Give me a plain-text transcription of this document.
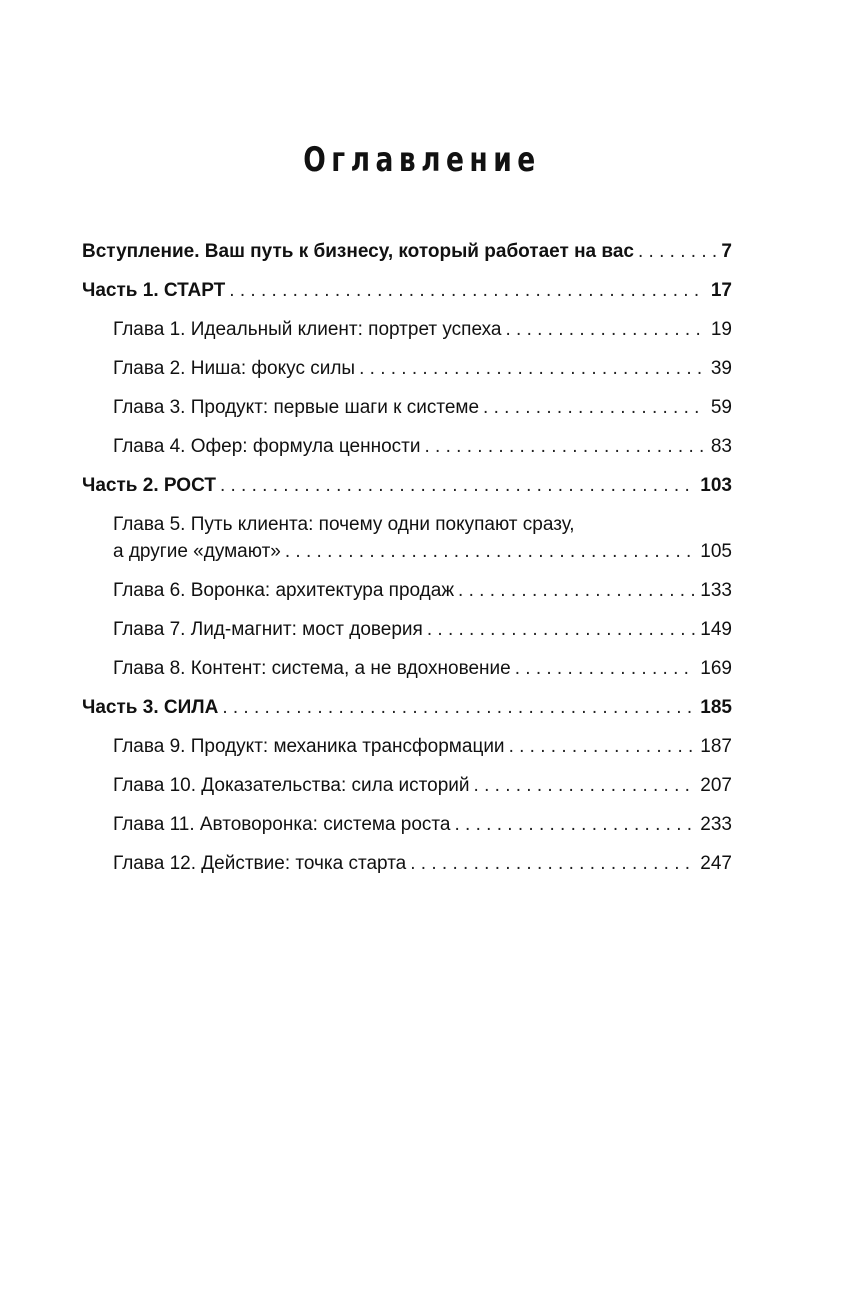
Оглавление
Вступление. Ваш путь к бизнесу, который работает на вас . . .	7
Часть 1. СТАРТ . . .	17
Глава 1. Идеальный клиент: портрет успеха . . .	19
Глава 2. Ниша: фокус силы . . .	39
Глава 3. Продукт: первые шаги к системе . . .	59
Глава 4. Офер: формула ценности . . .	83
Часть 2. РОСТ . . .	103
Глава 5. Путь клиента: почему одни покупают сразу,
а другие «думают» . . .	105
Глава 6. Воронка: архитектура продаж . . .	133
Глава 7. Лид-магнит: мост доверия . . .	149
Глава 8. Контент: система, а не вдохновение . . .	169
Часть 3. СИЛА . . .	185
Глава 9. Продукт: механика трансформации . . .	187
Глава 10. Доказательства: сила историй . . .	207
Глава 11. Автоворонка: система роста . . .	233
Глава 12. Действие: точка старта . . .	247
